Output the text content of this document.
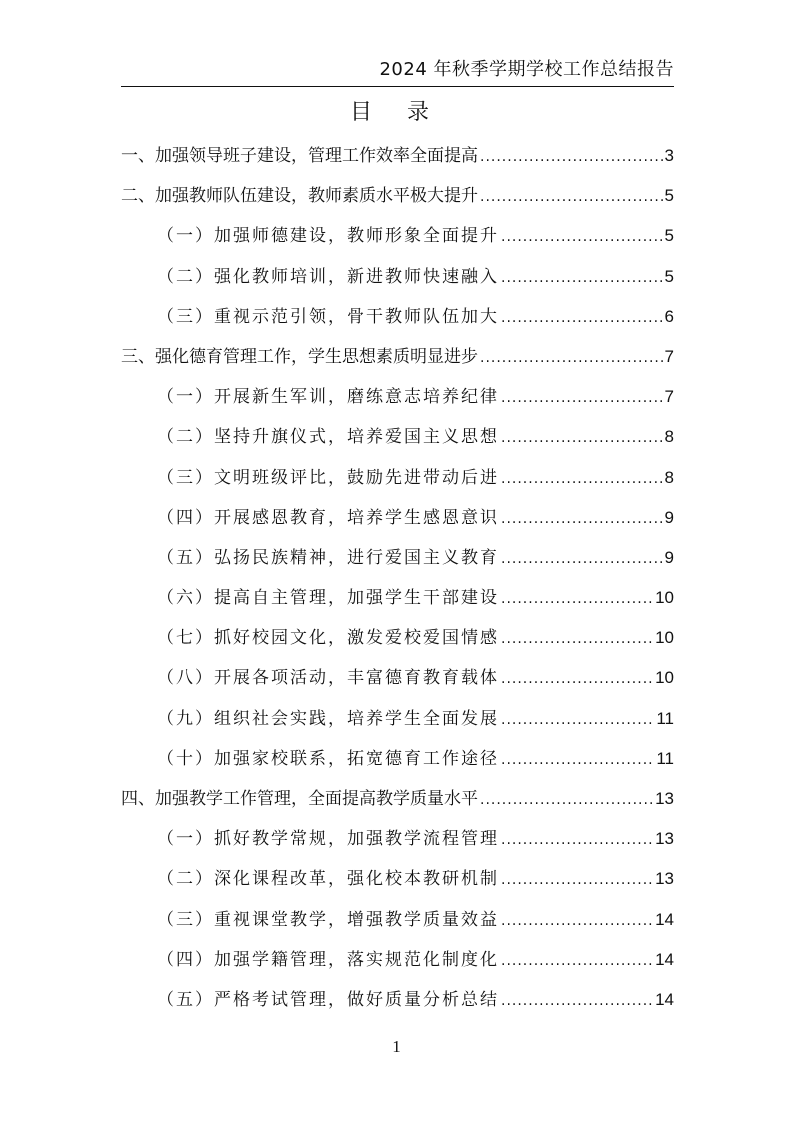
2024 年秋季学期学校工作总结报告
目 录
一、加强领导班子建设，管理工作效率全面提高 .....	3
二、加强教师队伍建设，教师素质水平极大提升 .....	5
（一）加强师德建设，教师形象全面提升 .....	5
（二）强化教师培训，新进教师快速融入 .....	5
（三）重视示范引领，骨干教师队伍加大 .....	6
三、强化德育管理工作，学生思想素质明显进步 .....	7
（一）开展新生军训，磨练意志培养纪律 .....	7
（二）坚持升旗仪式，培养爱国主义思想 .....	8
（三）文明班级评比，鼓励先进带动后进 .....	8
（四）开展感恩教育，培养学生感恩意识 .....	9
（五）弘扬民族精神，进行爱国主义教育 .....	9
（六）提高自主管理，加强学生干部建设 .....	10
（七）抓好校园文化，激发爱校爱国情感 .....	10
（八）开展各项活动，丰富德育教育载体 .....	10
（九）组织社会实践，培养学生全面发展 .....	11
（十）加强家校联系，拓宽德育工作途径 .....	11
四、加强教学工作管理，全面提高教学质量水平 .....	13
（一）抓好教学常规，加强教学流程管理 .....	13
（二）深化课程改革，强化校本教研机制 .....	13
（三）重视课堂教学，增强教学质量效益 .....	14
（四）加强学籍管理，落实规范化制度化 .....	14
（五）严格考试管理，做好质量分析总结 .....	14
1
